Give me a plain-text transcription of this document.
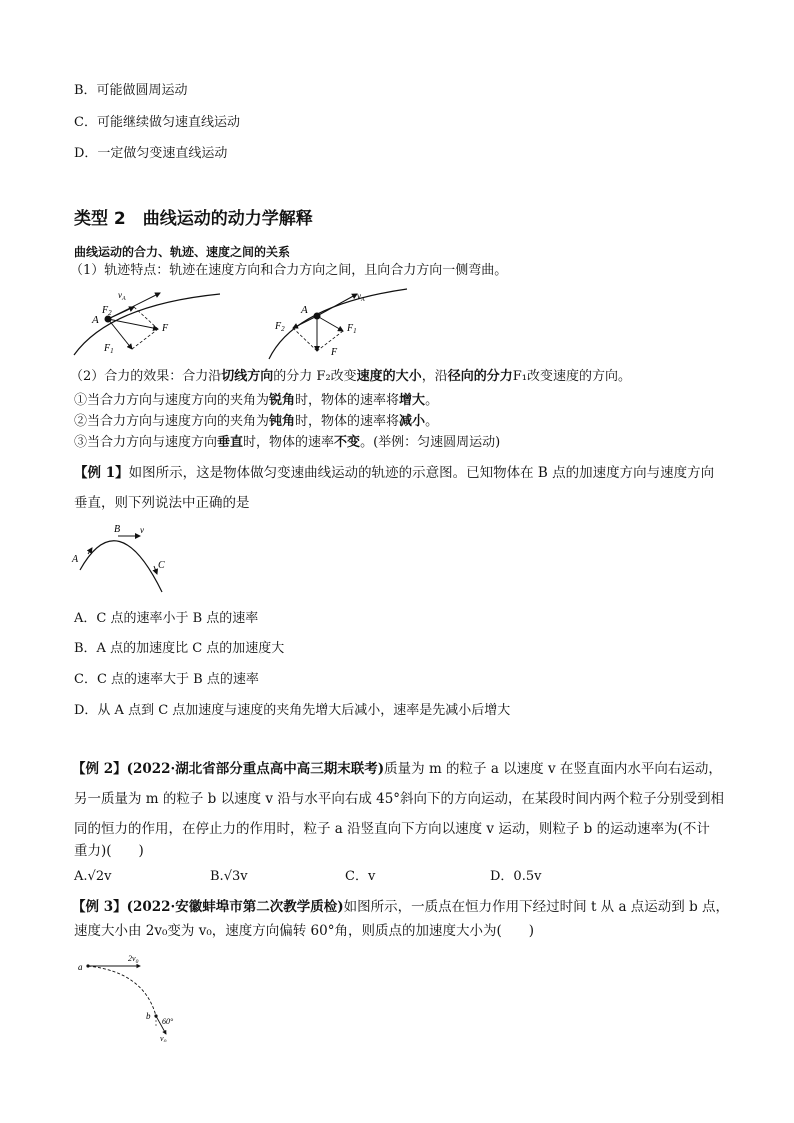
B．可能做圆周运动
C．可能继续做匀速直线运动
D．一定做匀变速直线运动
类型 2　曲线运动的动力学解释
曲线运动的合力、轨迹、速度之间的关系
（1）轨迹特点：轨迹在速度方向和合力方向之间，且向合力方向一侧弯曲。
$v_A$
A
$F_2$
F
$F_1$
$v_A$
A
$F_2$	$F_1$
F
（2）合力的效果：合力沿切线方向的分力 F₂改变速度的大小，沿径向的分力F₁改变速度的方向。
①当合力方向与速度方向的夹角为锐角时，物体的速率将增大。
②当合力方向与速度方向的夹角为钝角时，物体的速率将减小。
③当合力方向与速度方向垂直时，物体的速率不变。(举例：匀速圆周运动)
【例 1】如图所示，这是物体做匀变速曲线运动的轨迹的示意图。已知物体在 B 点的加速度方向与速度方向
垂直，则下列说法中正确的是
A
B v
C
A．C 点的速率小于 B 点的速率
B．A 点的加速度比 C 点的加速度大
C．C 点的速率大于 B 点的速率
D．从 A 点到 C 点加速度与速度的夹角先增大后减小，速率是先减小后增大
【例 2】(2022·湖北省部分重点高中高三期末联考)质量为 m 的粒子 a 以速度 v 在竖直面内水平向右运动，
另一质量为 m 的粒子 b 以速度 v 沿与水平向右成 45°斜向下的方向运动，在某段时间内两个粒子分别受到相
同的恒力的作用，在停止力的作用时，粒子 a 沿竖直向下方向以速度 v 运动，则粒子 b 的运动速率为(不计
重力)(　　)
A.√2v	B.√3v	C．v	D．0.5v
【例 3】(2022·安徽蚌埠市第二次教学质检)如图所示，一质点在恒力作用下经过时间 t 从 a 点运动到 b 点，
速度大小由 2v₀变为 v₀，速度方向偏转 60°角，则质点的加速度大小为(　　)
a
$2v_0$
b
60°
$v_0$
